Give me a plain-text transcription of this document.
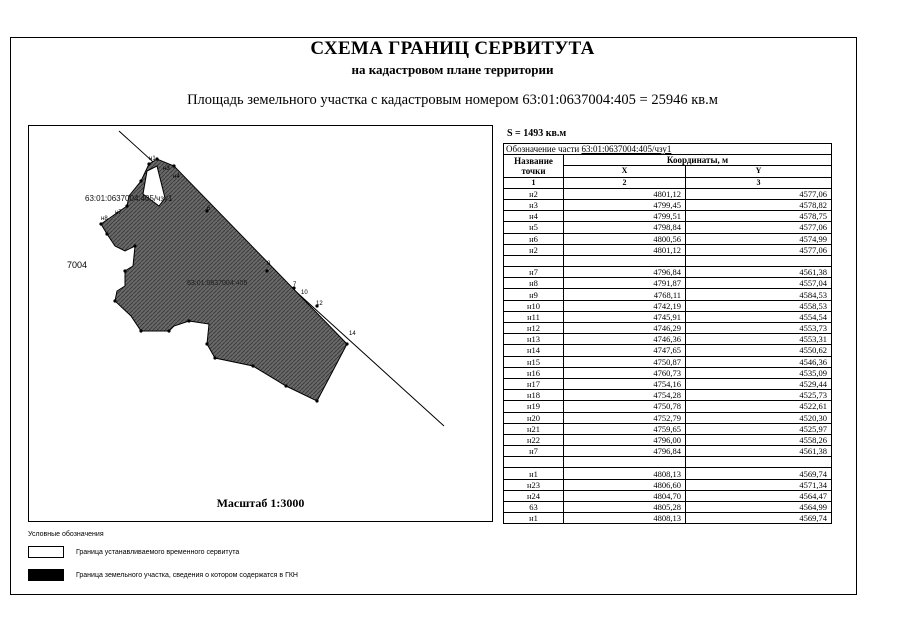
СХЕМА ГРАНИЦ СЕРВИТУТА
на кадастровом плане территории
Площадь земельного участка с кадастровым номером 63:01:0637004:405 = 25946 кв.м
н1
н3
н4
6
8
7
10
12
14
н7
н8
63:01:0637004:405/чзу1
63:01:0637004:405
7004
Масштаб 1:3000
Условные обозначения
Граница устанавливаемого временного сервитута
Граница земельного участка, сведения о котором содержатся в ГКН
S = 1493 кв.м
Обозначение части 63:01:0637004:405/чзу1		
Название точки	Координаты, м	
	X	Y
1	2	3
н2	4801,12	4577,06
н3	4799,45	4578,82
н4	4799,51	4578,75
н5	4798,84	4577,06
н6	4800,56	4574,99
н2	4801,12	4577,06

н7	4796,84	4561,38
н8	4791,87	4557,04
н9	4768,11	4584,53
н10	4742,19	4558,53
н11	4745,91	4554,54
н12	4746,29	4553,73
н13	4746,36	4553,31
н14	4747,65	4550,62
н15	4750,87	4546,36
н16	4760,73	4535,09
н17	4754,16	4529,44
н18	4754,28	4525,73
н19	4750,78	4522,61
н20	4752,79	4520,30
н21	4759,65	4525,97
н22	4796,00	4558,26
н7	4796,84	4561,38

н1	4808,13	4569,74
н23	4806,60	4571,34
н24	4804,70	4564,47
63	4805,28	4564,99
н1	4808,13	4569,74
